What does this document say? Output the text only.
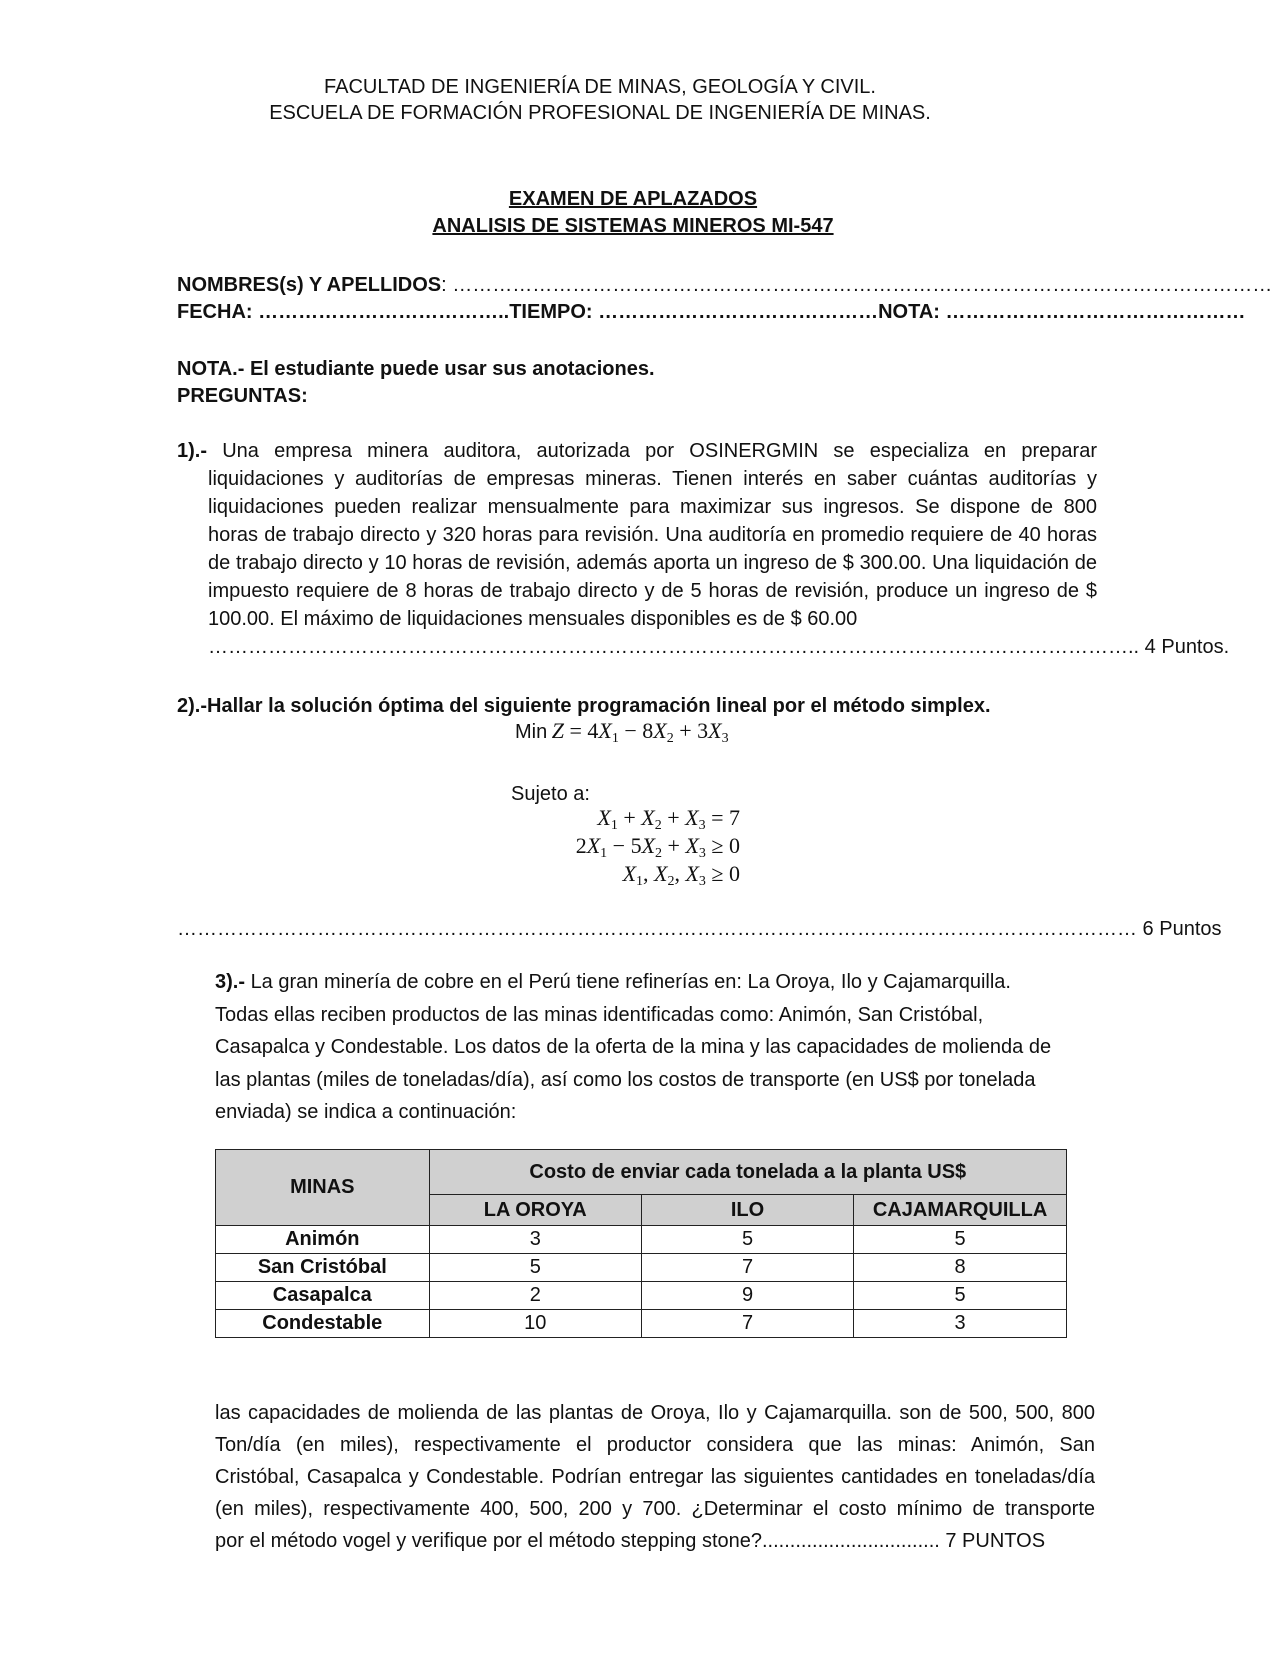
FACULTAD DE INGENIERÍA DE MINAS, GEOLOGÍA Y CIVIL.
ESCUELA DE FORMACIÓN PROFESIONAL DE INGENIERÍA DE MINAS.
EXAMEN DE APLAZADOS
ANALISIS DE SISTEMAS MINEROS MI-547
NOMBRES(s) Y APELLIDOS: ……………………………………………………………………………………………………………
FECHA: ………………………………..TIEMPO: ……………………………………NOTA: ………………………………………
NOTA.- El estudiante puede usar sus anotaciones.
PREGUNTAS:
1).- Una empresa minera auditora, autorizada por OSINERGMIN se especializa en preparar
liquidaciones y auditorías de empresas mineras. Tienen interés en saber cuántas auditorías y liquidaciones pueden realizar mensualmente para maximizar sus ingresos. Se dispone de 800 horas de trabajo directo y 320 horas para revisión. Una auditoría en promedio requiere de 40 horas de trabajo directo y 10 horas de revisión, además aporta un ingreso de $ 300.00. Una liquidación de impuesto requiere de 8 horas de trabajo directo y de 5 horas de revisión, produce un ingreso de $ 100.00. El máximo de liquidaciones mensuales disponibles es de $ 60.00
………………………………………………………………………………………………………………………….. 4 Puntos.
2).-Hallar la solución óptima del siguiente programación lineal por el método simplex.
Min $Z = 4X_1 - 8X_2 + 3X_3$
Sujeto a:
$X_1 + X_2 + X_3 = 7$
$2X_1 - 5X_2 + X_3 \ge 0$
$X_1$, $X_2$, $X_3 \ge 0$
……………………………………………………………………………………………………………………………… 6 Puntos
3).- La gran minería de cobre en el Perú tiene refinerías en: La Oroya, Ilo y Cajamarquilla.
Todas ellas reciben productos de las minas identificadas como: Animón, San Cristóbal,
Casapalca y Condestable. Los datos de la oferta de la mina y las capacidades de molienda de
las plantas (miles de toneladas/día), así como los costos de transporte (en US$ por tonelada
enviada) se indica a continuación:
MINAS	Costo de enviar cada tonelada a la planta US$		
	LA OROYA	ILO	CAJAMARQUILLA
Animón	3	5	5
San Cristóbal	5	7	8
Casapalca	2	9	5
Condestable	10	7	3
las capacidades de molienda de las plantas de Oroya, Ilo y Cajamarquilla. son de 500, 500, 800
Ton/día (en miles), respectivamente el productor considera que las minas: Animón, San
Cristóbal, Casapalca y Condestable. Podrían entregar las siguientes cantidades en toneladas/día
(en miles), respectivamente 400, 500, 200 y 700. ¿Determinar el costo mínimo de transporte
por el método vogel y verifique por el método stepping stone?................................ 7 PUNTOS
